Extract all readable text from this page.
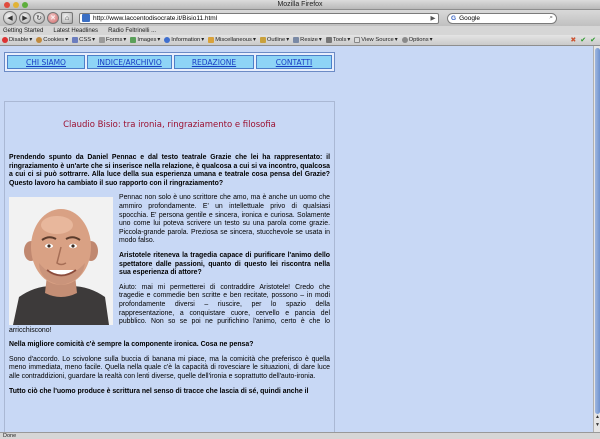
Mozilla Firefox
◀ ▶ ↻ ✕ ⌂	http://www.laccentodisocrate.it/Bisio11.html	▶	G Google	⌕
Getting Started Latest Headlines Radio Feltrinelli ...
Disable ▾ Cookies ▾ CSS ▾ Forms ▾ Images ▾ Information ▾ Miscellaneous ▾ Outline ▾ Resize ▾ Tools ▾ View Source ▾ Options ▾	✖ ✔ ✔
CHI SIAMO	INDICE/ARCHIVIO	REDAZIONE	CONTATTI
Claudio Bisio: tra ironia, ringraziamento e filosofia

Prendendo spunto da Daniel Pennac e dal testo teatrale Grazie che lei ha rappresentato: il ringraziamento è un'arte che si inserisce nella relazione, è qualcosa a cui si va incontro, qualcosa a cui ci si può sottrarre. Alla luce della sua esperienza umana e teatrale cosa pensa del Grazie? Questo lavoro ha cambiato il suo rapporto con il ringraziamento?

Pennac non solo è uno scrittore che amo, ma è anche un uomo che ammiro profondamente. E' un intellettuale privo di qualsiasi spocchia. E' persona gentile e sincera, ironica e curiosa. Solamente uno come lui poteva scrivere un testo su una parola come grazie. Piccola-grande parola. Preziosa se sincera, stucchevole se usata in modo falso.

Aristotele riteneva la tragedia capace di purificare l'animo dello spettatore dalle passioni, quanto di questo lei riscontra nella sua esperienza di attore?

Aiuto: mai mi permetterei di contraddire Aristotele! Credo che tragedie e commedie ben scritte e ben recitate, possono – in modi profondamente diversi – riuscire, per lo spazio della rappresentazione, a conquistare cuore, cervello e pancia del pubblico. Non so se poi ne purifichino l'animo, certo è che lo arricchiscono!

Nella migliore comicità c'è sempre la componente ironica. Cosa ne pensa?

Sono d'accordo. Lo scivolone sulla buccia di banana mi piace, ma la comicità che preferisco è quella meno immediata, meno facile. Quella nella quale c'è la capacità di rovesciare le situazioni, di dare luce alle contraddizioni, guardare la realtà con lenti diverse, quelle dell'ironia e soprattutto dell'auto-ironia.

Tutto ciò che l'uomo produce è scrittura nel senso di tracce che lascia di sé, quindi anche il

▲
▼
Done
